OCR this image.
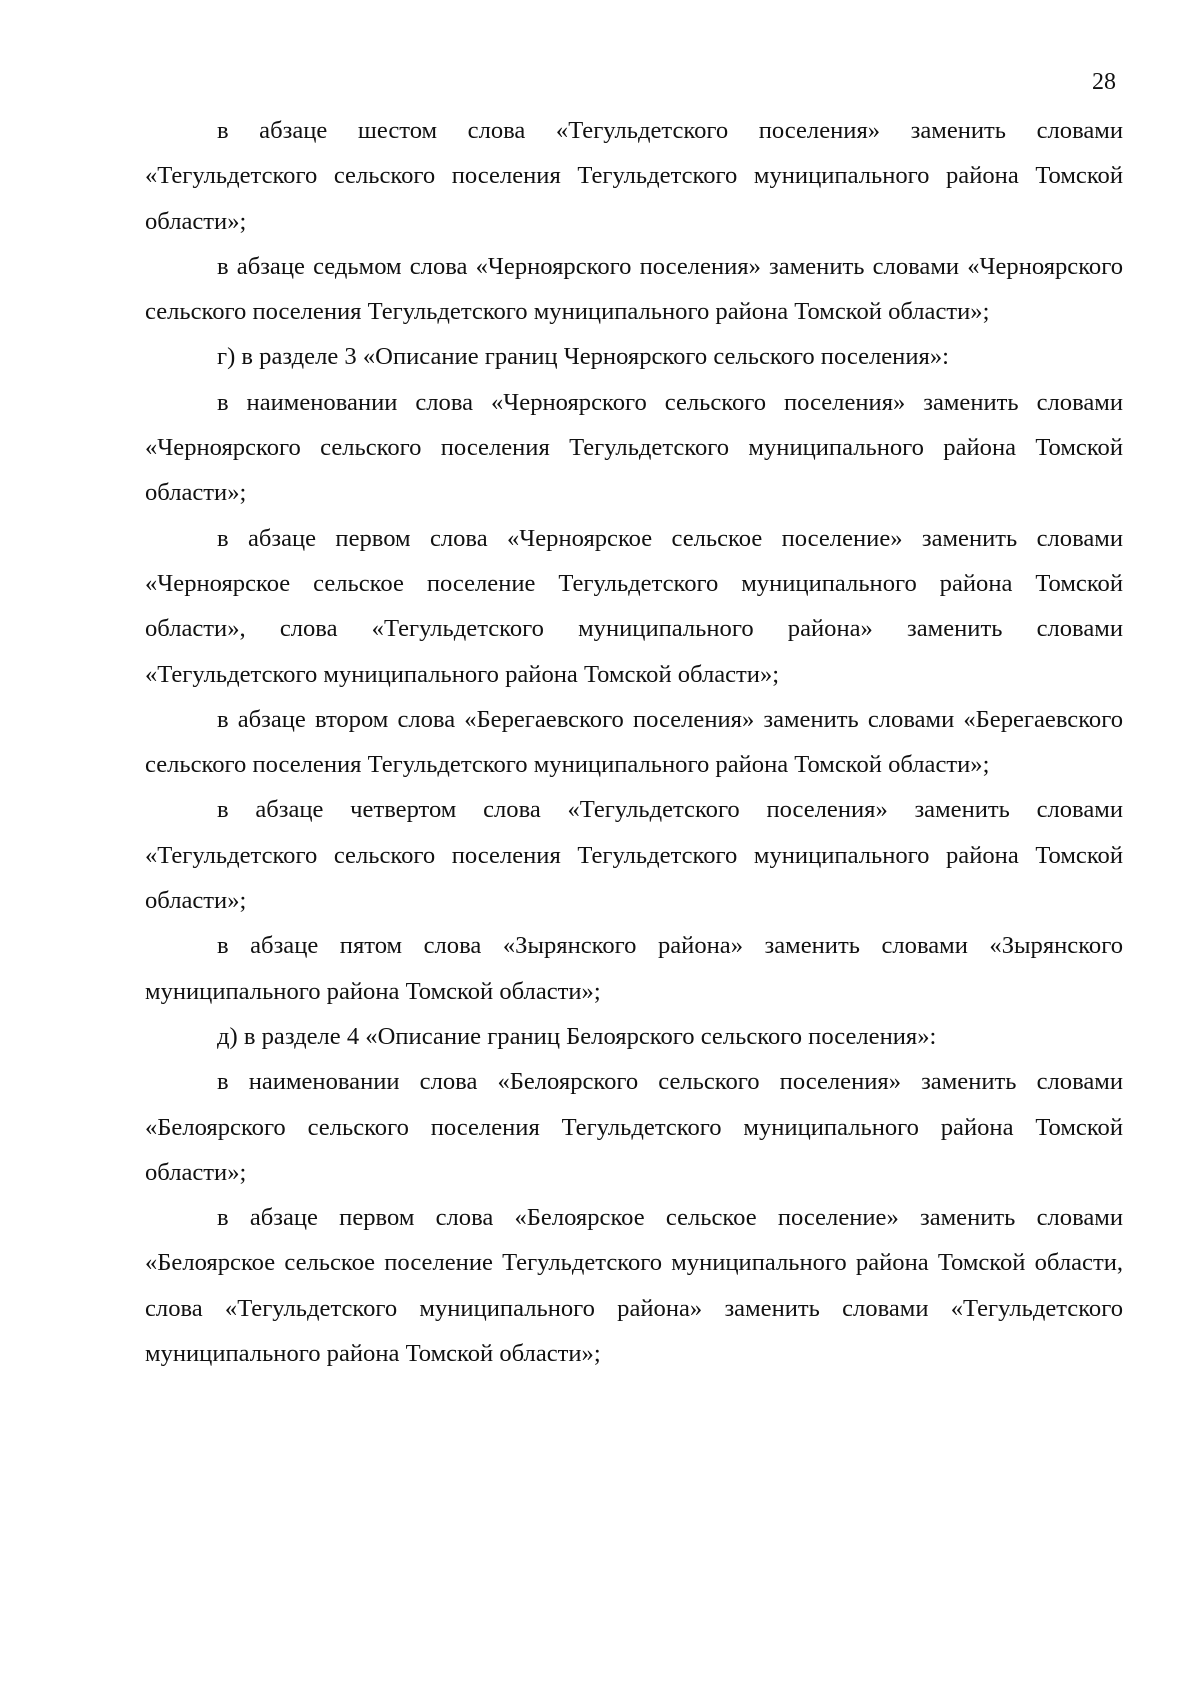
28

в абзаце шестом слова «Тегульдетского поселения» заменить словами «Тегульдетского сельского поселения Тегульдетского муниципального района Томской области»;

в абзаце седьмом слова «Черноярского поселения» заменить словами «Черноярского сельского поселения Тегульдетского муниципального района Томской области»;

г) в разделе 3 «Описание границ Черноярского сельского поселения»:

в наименовании слова «Черноярского сельского поселения» заменить словами «Черноярского сельского поселения Тегульдетского муниципального района Томской области»;

в абзаце первом слова «Черноярское сельское поселение» заменить словами «Черноярское сельское поселение Тегульдетского муниципального района Томской области», слова «Тегульдетского муниципального района» заменить словами «Тегульдетского муниципального района Томской области»;

в абзаце втором слова «Берегаевского поселения» заменить словами «Берегаевского сельского поселения Тегульдетского муниципального района Томской области»;

в абзаце четвертом слова «Тегульдетского поселения» заменить словами «Тегульдетского сельского поселения Тегульдетского муниципального района Томской области»;

в абзаце пятом слова «Зырянского района» заменить словами «Зырянского муниципального района Томской области»;

д) в разделе 4 «Описание границ Белоярского сельского поселения»:

в наименовании слова «Белоярского сельского поселения» заменить словами «Белоярского сельского поселения Тегульдетского муниципального района Томской области»;

в абзаце первом слова «Белоярское сельское поселение» заменить словами «Белоярское сельское поселение Тегульдетского муниципального района Томской области, слова «Тегульдетского муниципального района» заменить словами «Тегульдетского муниципального района Томской области»;
